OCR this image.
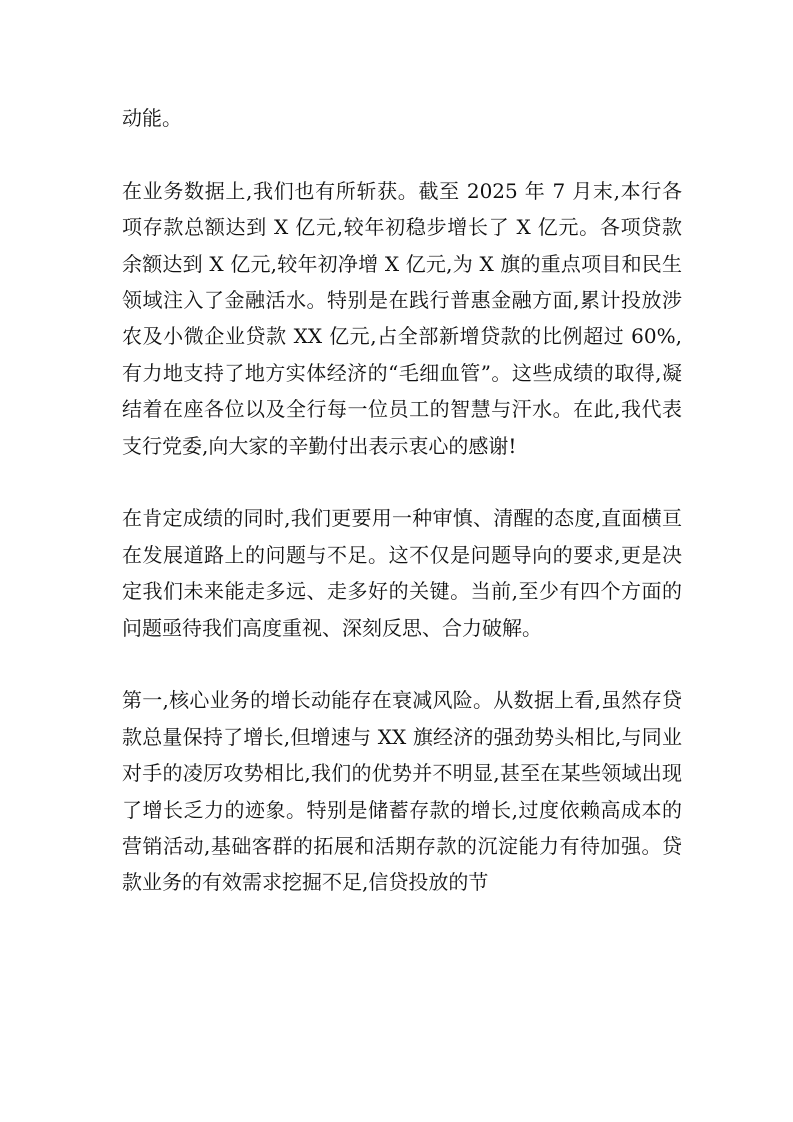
动能。

在业务数据上,我们也有所斩获。截至 2025 年 7 月末,本行各项存款总额达到 X 亿元,较年初稳步增长了 X 亿元。各项贷款余额达到 X 亿元,较年初净增 X 亿元,为 X 旗的重点项目和民生领域注入了金融活水。特别是在践行普惠金融方面,累计投放涉农及小微企业贷款 XX 亿元,占全部新增贷款的比例超过 60%,有力地支持了地方实体经济的“毛细血管”。这些成绩的取得,凝结着在座各位以及全行每一位员工的智慧与汗水。在此,我代表支行党委,向大家的辛勤付出表示衷心的感谢!

在肯定成绩的同时,我们更要用一种审慎、清醒的态度,直面横亘在发展道路上的问题与不足。这不仅是问题导向的要求,更是决定我们未来能走多远、走多好的关键。当前,至少有四个方面的问题亟待我们高度重视、深刻反思、合力破解。

第一,核心业务的增长动能存在衰减风险。从数据上看,虽然存贷款总量保持了增长,但增速与 XX 旗经济的强劲势头相比,与同业对手的凌厉攻势相比,我们的优势并不明显,甚至在某些领域出现了增长乏力的迹象。特别是储蓄存款的增长,过度依赖高成本的营销活动,基础客群的拓展和活期存款的沉淀能力有待加强。贷款业务的有效需求挖掘不足,信贷投放的节
